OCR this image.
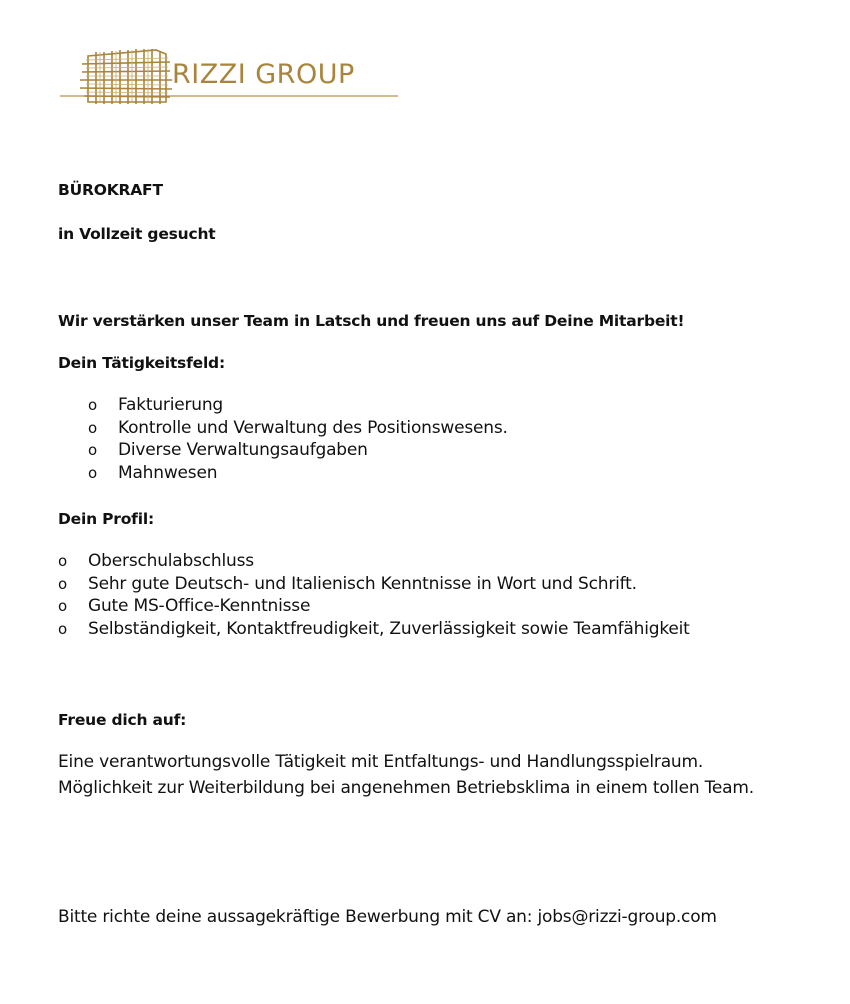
RIZZI GROUP
BÜROKRAFT
in Vollzeit gesucht
Wir verstärken unser Team in Latsch und freuen uns auf Deine Mitarbeit!
Dein Tätigkeitsfeld:
o Fakturierung
o Kontrolle und Verwaltung des Positionswesens.
o Diverse Verwaltungsaufgaben
o Mahnwesen
Dein Profil:
o Oberschulabschluss
o Sehr gute Deutsch- und Italienisch Kenntnisse in Wort und Schrift.
o Gute MS-Office-Kenntnisse
o Selbständigkeit, Kontaktfreudigkeit, Zuverlässigkeit sowie Teamfähigkeit
Freue dich auf:
Eine verantwortungsvolle Tätigkeit mit Entfaltungs- und Handlungsspielraum.
Möglichkeit zur Weiterbildung bei angenehmen Betriebsklima in einem tollen Team.
Bitte richte deine aussagekräftige Bewerbung mit CV an: jobs@rizzi-group.com
